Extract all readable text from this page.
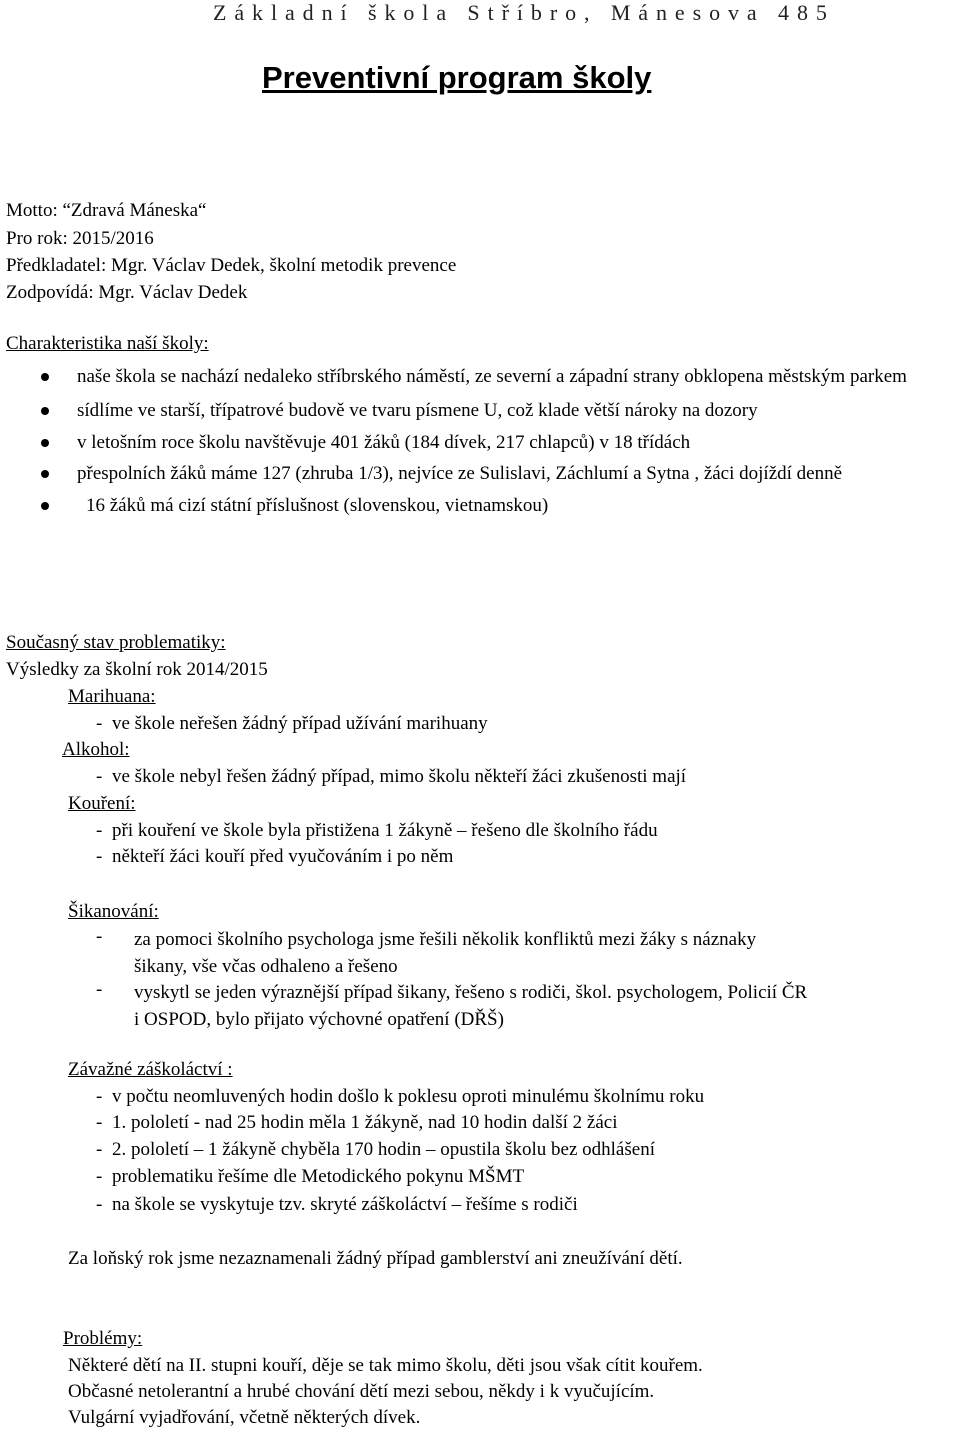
Základní škola Stříbro, Mánesova 485
Preventivní program školy
Motto: “Zdravá Máneska“
Pro rok: 2015/2016
Předkladatel: Mgr. Václav Dedek, školní metodik prevence
Zodpovídá: Mgr. Václav Dedek
Charakteristika naší školy:
naše škola se nachází nedaleko stříbrského náměstí, ze severní a západní strany obklopena městským parkem
sídlíme ve starší, třípatrové budově ve tvaru písmene U, což klade větší nároky na dozory
v letošním roce školu navštěvuje 401 žáků (184 dívek, 217 chlapců) v 18 třídách
přespolních žáků máme 127 (zhruba 1/3), nejvíce ze Sulislavi, Záchlumí a Sytna , žáci dojíždí denně
16 žáků má cizí státní příslušnost (slovenskou, vietnamskou)
Současný stav problematiky:
Výsledky za školní rok 2014/2015
Marihuana:
- ve škole neřešen žádný případ užívání marihuany
Alkohol:
- ve škole nebyl řešen žádný případ, mimo školu někteří žáci zkušenosti mají
Kouření:
- při kouření ve škole byla přistižena 1 žákyně – řešeno dle školního řádu
- někteří žáci kouří před vyučováním i po něm
Šikanování:
- za pomoci školního psychologa jsme řešili několik konfliktů mezi žáky s náznaky
šikany, vše včas odhaleno a řešeno
- vyskytl se jeden výraznější případ šikany, řešeno s rodiči, škol. psychologem, Policií ČR
i OSPOD, bylo přijato výchovné opatření (DŘŠ)
Závažné záškoláctví :
- v počtu neomluvených hodin došlo k poklesu oproti minulému školnímu roku
- 1. pololetí - nad 25 hodin měla 1 žákyně, nad 10 hodin další 2 žáci
- 2. pololetí – 1 žákyně chyběla 170 hodin – opustila školu bez odhlášení
- problematiku řešíme dle Metodického pokynu MŠMT
- na škole se vyskytuje tzv. skryté záškoláctví – řešíme s rodiči
Za loňský rok jsme nezaznamenali žádný případ gamblerství ani zneužívání dětí.
Problémy:
Některé dětí na II. stupni kouří, děje se tak mimo školu, děti jsou však cítit kouřem.
Občasné netolerantní a hrubé chování dětí mezi sebou, někdy i k vyučujícím.
Vulgární vyjadřování, včetně některých dívek.
